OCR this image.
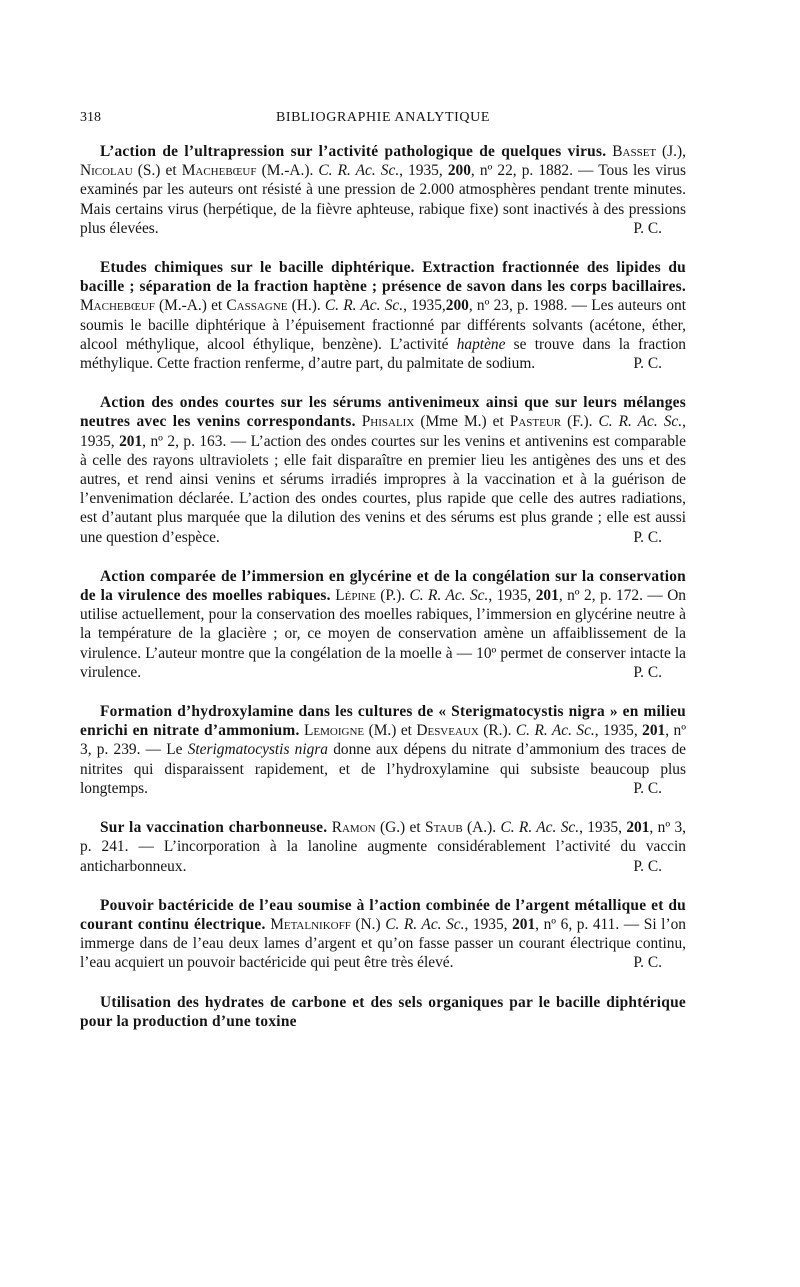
318	BIBLIOGRAPHIE ANALYTIQUE

L’action de l’ultrapression sur l’activité pathologique de quelques virus. Basset (J.), Nicolau (S.) et Machebœuf (M.-A.). C. R. Ac. Sc., 1935, 200, nº 22, p. 1882. — Tous les virus examinés par les auteurs ont résisté à une pression de 2.000 atmosphères pendant trente minutes. Mais certains virus (herpétique, de la fièvre aphteuse, rabique fixe) sont inactivés à des pressions plus élevées.	P. C.

Etudes chimiques sur le bacille diphtérique. Extraction fractionnée des lipides du bacille ; séparation de la fraction haptène ; présence de savon dans les corps bacillaires. Machebœuf (M.-A.) et Cassagne (H.). C. R. Ac. Sc., 1935,200, nº 23, p. 1988. — Les auteurs ont soumis le bacille diphtérique à l’épuisement fractionné par différents solvants (acétone, éther, alcool méthylique, alcool éthylique, benzène). L’activité haptène se trouve dans la fraction méthylique. Cette fraction renferme, d’autre part, du palmitate de sodium.	P. C.

Action des ondes courtes sur les sérums antivenimeux ainsi que sur leurs mélanges neutres avec les venins correspondants. Phisalix (Mme M.) et Pasteur (F.). C. R. Ac. Sc., 1935, 201, nº 2, p. 163. — L’action des ondes courtes sur les venins et antivenins est comparable à celle des rayons ultraviolets ; elle fait disparaître en premier lieu les antigènes des uns et des autres, et rend ainsi venins et sérums irradiés impropres à la vaccination et à la guérison de l’envenimation déclarée. L’action des ondes courtes, plus rapide que celle des autres radiations, est d’autant plus marquée que la dilution des venins et des sérums est plus grande ; elle est aussi une question d’espèce.	P. C.

Action comparée de l’immersion en glycérine et de la congélation sur la conservation de la virulence des moelles rabiques. Lépine (P.). C. R. Ac. Sc., 1935, 201, nº 2, p. 172. — On utilise actuellement, pour la conservation des moelles rabiques, l’immersion en glycérine neutre à la température de la glacière ; or, ce moyen de conservation amène un affaiblissement de la virulence. L’auteur montre que la congélation de la moelle à — 10º permet de conserver intacte la virulence.	P. C.

Formation d’hydroxylamine dans les cultures de « Sterigmatocystis nigra » en milieu enrichi en nitrate d’ammonium. Lemoigne (M.) et Desveaux (R.). C. R. Ac. Sc., 1935, 201, nº 3, p. 239. — Le Sterigmatocystis nigra donne aux dépens du nitrate d’ammonium des traces de nitrites qui disparaissent rapidement, et de l’hydroxylamine qui subsiste beaucoup plus longtemps.	P. C.

Sur la vaccination charbonneuse. Ramon (G.) et Staub (A.). C. R. Ac. Sc., 1935, 201, nº 3, p. 241. — L’incorporation à la lanoline augmente considérablement l’activité du vaccin anticharbonneux.	P. C.

Pouvoir bactéricide de l’eau soumise à l’action combinée de l’argent métallique et du courant continu électrique. Metalnikoff (N.) C. R. Ac. Sc., 1935, 201, nº 6, p. 411. — Si l’on immerge dans de l’eau deux lames d’argent et qu’on fasse passer un courant électrique continu, l’eau acquiert un pouvoir bactéricide qui peut être très élevé.	P. C.

Utilisation des hydrates de carbone et des sels organiques par le bacille diphtérique pour la production d’une toxine
